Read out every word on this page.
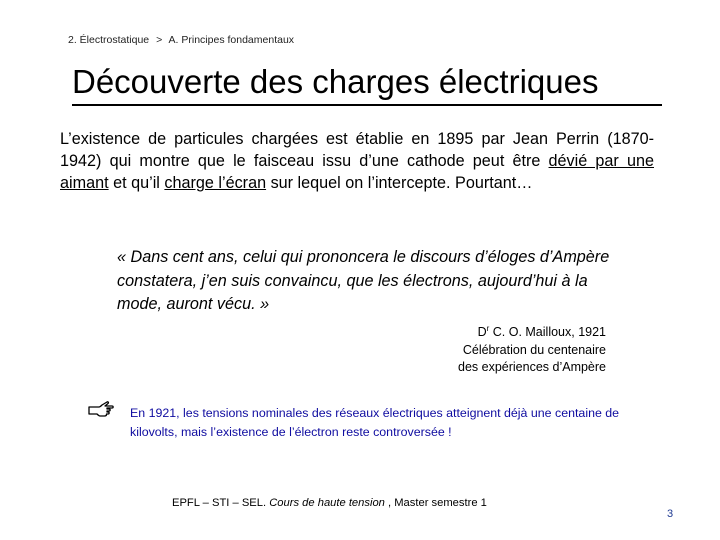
2. Électrostatique > A. Principes fondamentaux
Découverte des charges électriques

L’existence de particules chargées est établie en 1895 par Jean Perrin (1870-1942) qui montre que le faisceau issu d’une cathode peut être dévié par une aimant et qu’il charge l’écran sur lequel on l’intercepte. Pourtant…

« Dans cent ans, celui qui prononcera le discours d’éloges d’Ampère constatera, j’en suis convaincu, que les électrons, aujourd’hui à la mode, auront vécu. »

$D^r$ C. O. Mailloux, 1921
Célébration du centenaire
des expériences d’Ampère

En 1921, les tensions nominales des réseaux électriques atteignent déjà une centaine de kilovolts, mais l’existence de l’électron reste controversée !

EPFL – STI – SEL. Cours de haute tension , Master semestre 1
3
